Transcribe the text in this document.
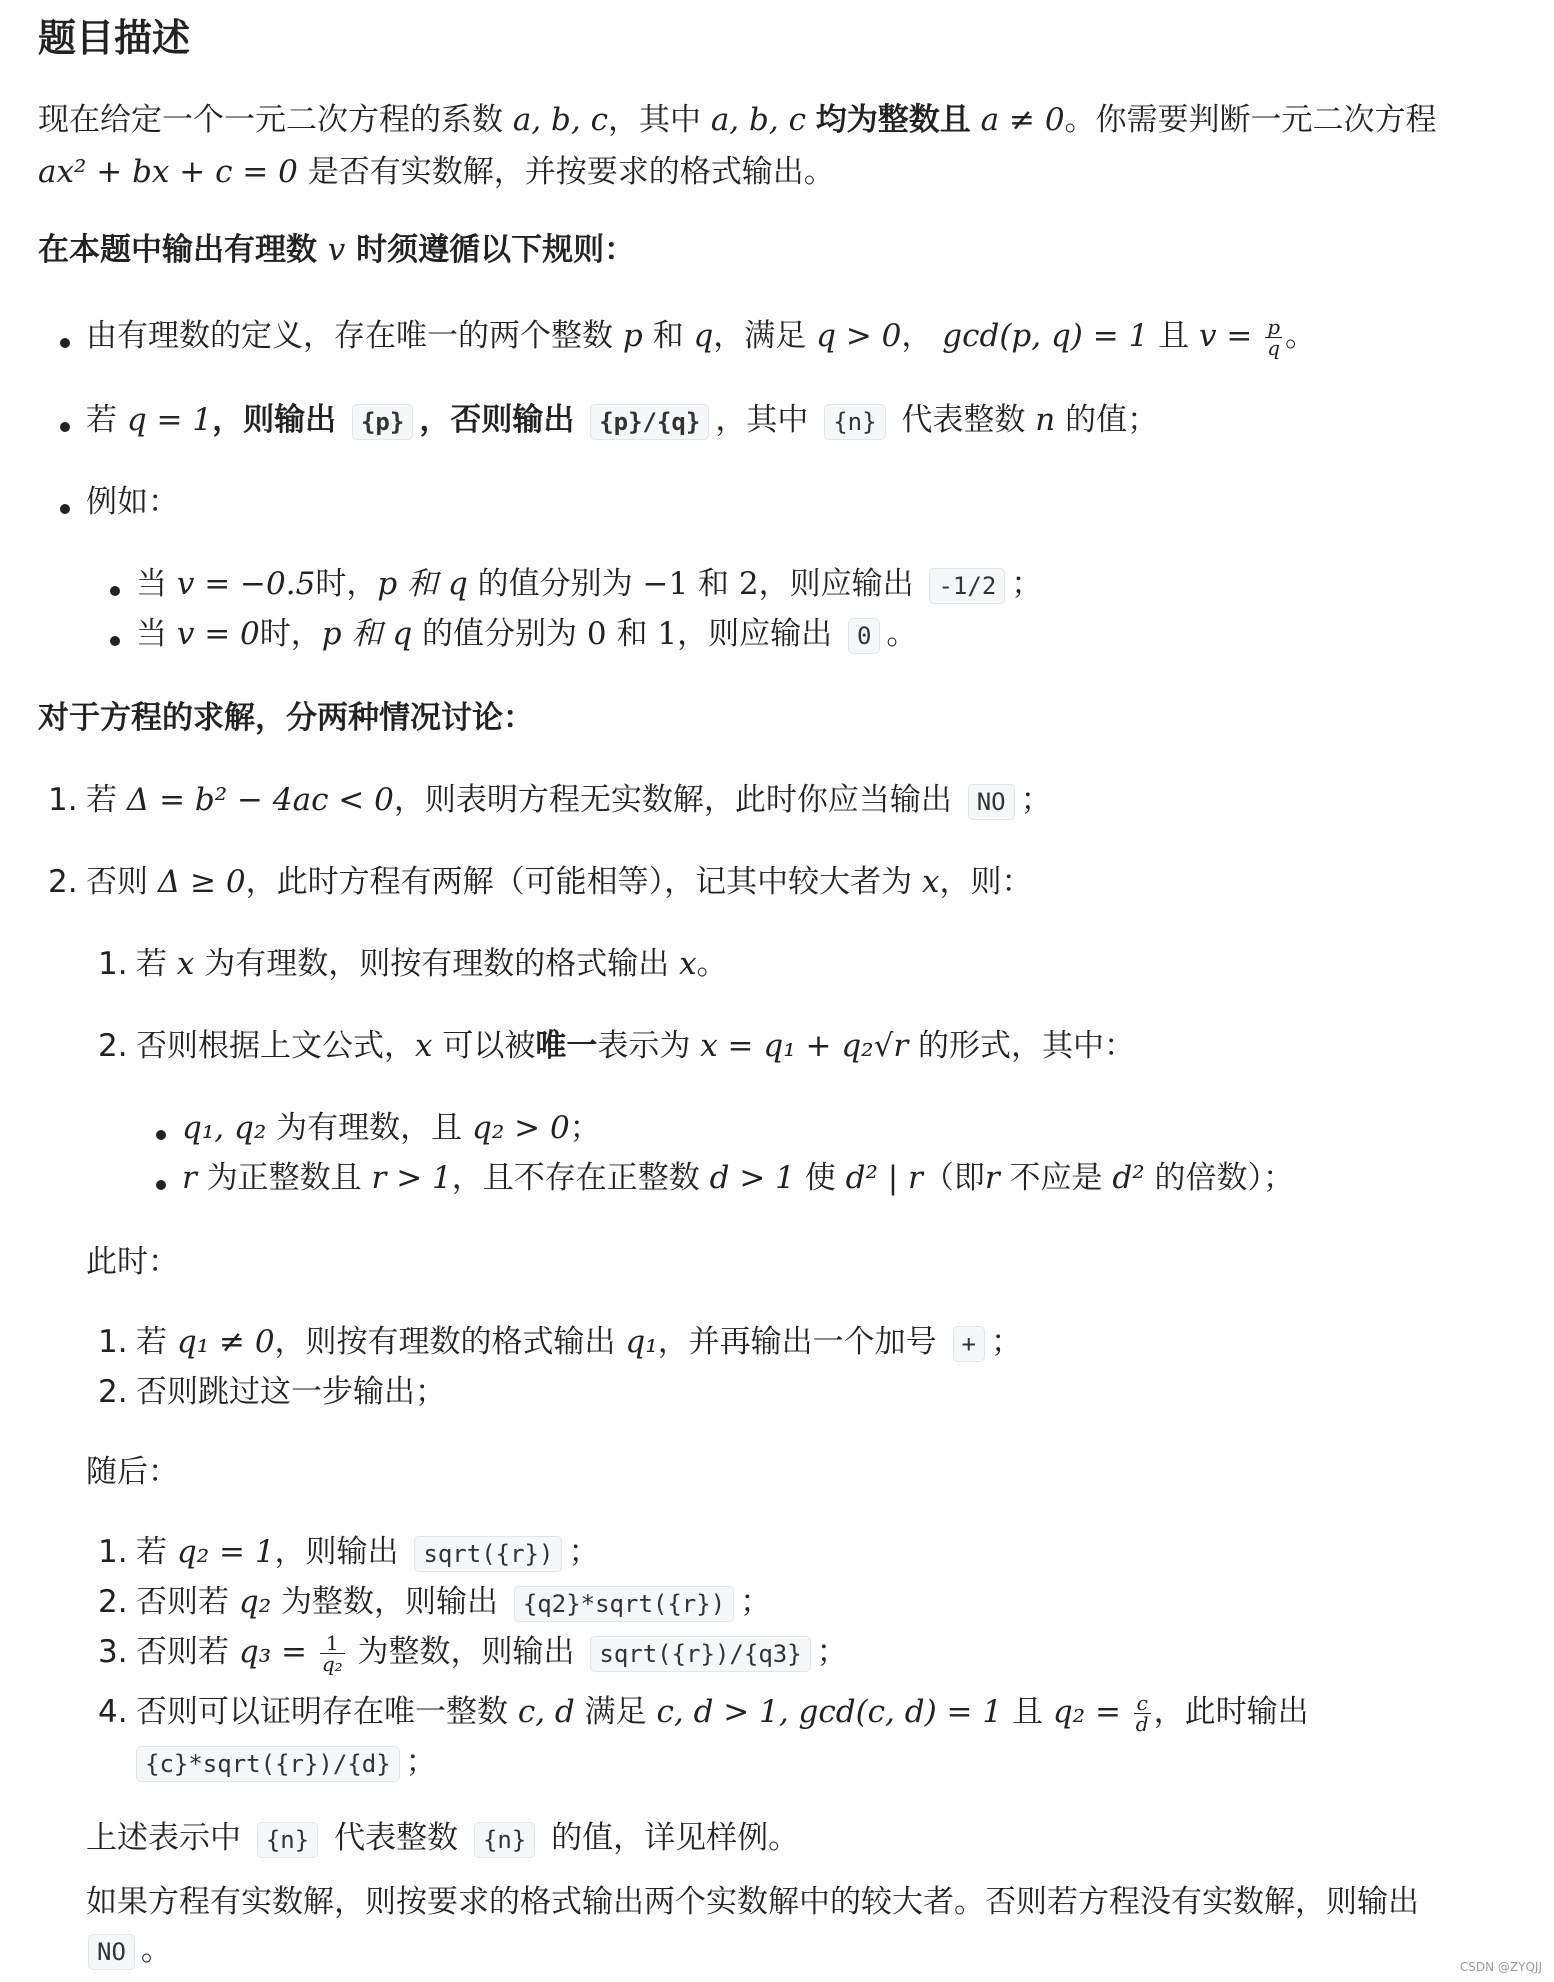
题目描述
现在给定一个一元二次方程的系数 a, b, c，其中 a, b, c 均为整数且 a ≠ 0。你需要判断一元二次方程
ax² + bx + c = 0 是否有实数解，并按要求的格式输出。
在本题中输出有理数 v 时须遵循以下规则：
由有理数的定义，存在唯一的两个整数 p 和 q，满足 q > 0， gcd(p, q) = 1 且 $v = \frac{p}{q}$ 。
若 q = 1，则输出 {p} ，否则输出 {p}/{q} ，其中 {n} 代表整数 n 的值；
例如：
当 v = −0.5时，p 和 q 的值分别为 −1 和 2，则应输出 -1/2 ；
当 v = 0时，p 和 q 的值分别为 0 和 1，则应输出 0 。
对于方程的求解，分两种情况讨论：
1. 若 Δ = b² − 4ac < 0，则表明方程无实数解，此时你应当输出 NO ；
2. 否则 Δ ≥ 0，此时方程有两解（可能相等），记其中较大者为 x，则：
1. 若 x 为有理数，则按有理数的格式输出 x。
2. 否则根据上文公式，x 可以被唯一表示为 x = q₁ + q₂√r 的形式，其中：
q₁, q₂ 为有理数，且 q₂ > 0；
r 为正整数且 r > 1，且不存在正整数 d > 1 使 d² | r（即r 不应是 d² 的倍数）；
此时：
1. 若 q₁ ≠ 0，则按有理数的格式输出 q₁，并再输出一个加号 + ；
2. 否则跳过这一步输出；
随后：
1. 若 q₂ = 1，则输出 sqrt({r}) ；
2. 否则若 q₂ 为整数，则输出 {q2}*sqrt({r}) ；
3. 否则若 $q_3 = \frac{1}{\text{q₂}}$ 为整数，则输出 sqrt({r})/{q3} ；
4. 否则可以证明存在唯一整数 c, d 满足 c, d > 1, gcd(c, d) = 1 且 $q_2 = \frac{c}{d}$ ，此时输出
{c}*sqrt({r})/{d} ；
上述表示中 {n} 代表整数 {n} 的值，详见样例。
如果方程有实数解，则按要求的格式输出两个实数解中的较大者。否则若方程没有实数解，则输出
NO 。	CSDN @ZYQJJ
